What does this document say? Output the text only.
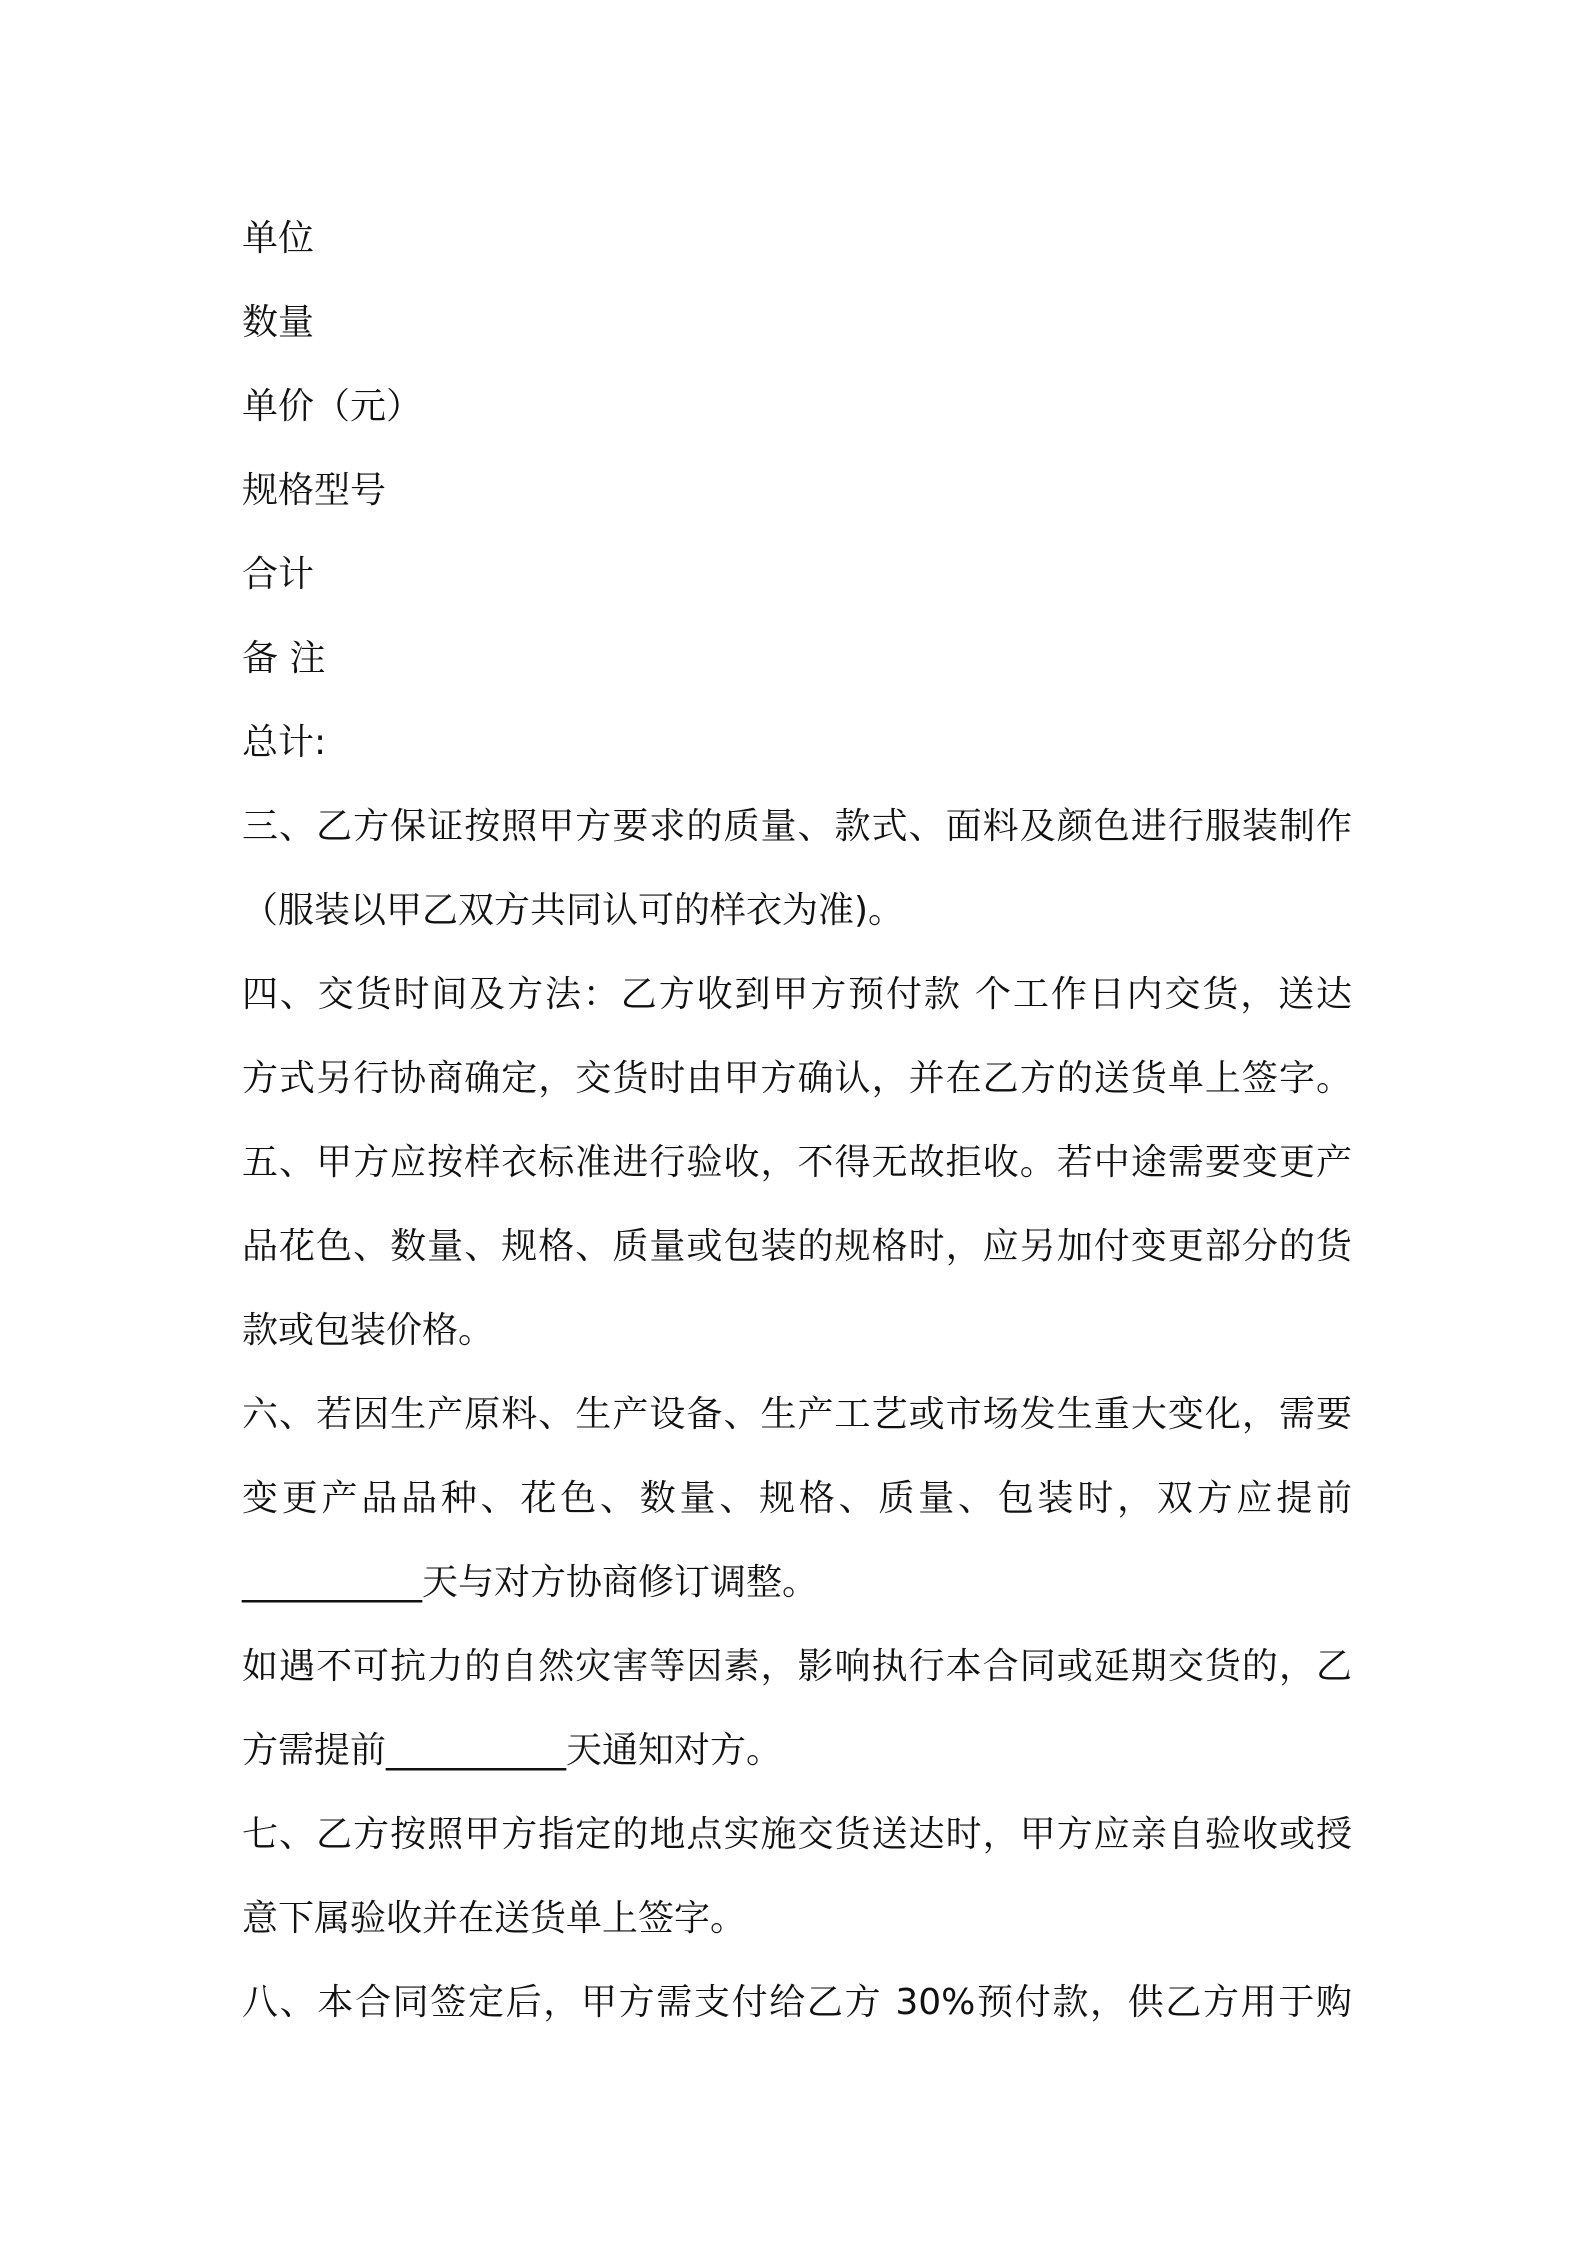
单位
数量
单价（元）
规格型号
合计
备 注
总计:
三、乙方保证按照甲方要求的质量、款式、面料及颜色进行服装制作
（服装以甲乙双方共同认可的样衣为准)。
四、交货时间及方法：乙方收到甲方预付款 个工作日内交货，送达
方式另行协商确定，交货时由甲方确认，并在乙方的送货单上签字。
五、甲方应按样衣标准进行验收，不得无故拒收。若中途需要变更产
品花色、数量、规格、质量或包装的规格时，应另加付变更部分的货
款或包装价格。
六、若因生产原料、生产设备、生产工艺或市场发生重大变化，需要
变更产品品种、花色、数量、规格、质量、包装时，双方应提前
__________天与对方协商修订调整。
如遇不可抗力的自然灾害等因素，影响执行本合同或延期交货的，乙
方需提前__________天通知对方。
七、乙方按照甲方指定的地点实施交货送达时，甲方应亲自验收或授
意下属验收并在送货单上签字。
八、本合同签定后，甲方需支付给乙方 30%预付款，供乙方用于购
